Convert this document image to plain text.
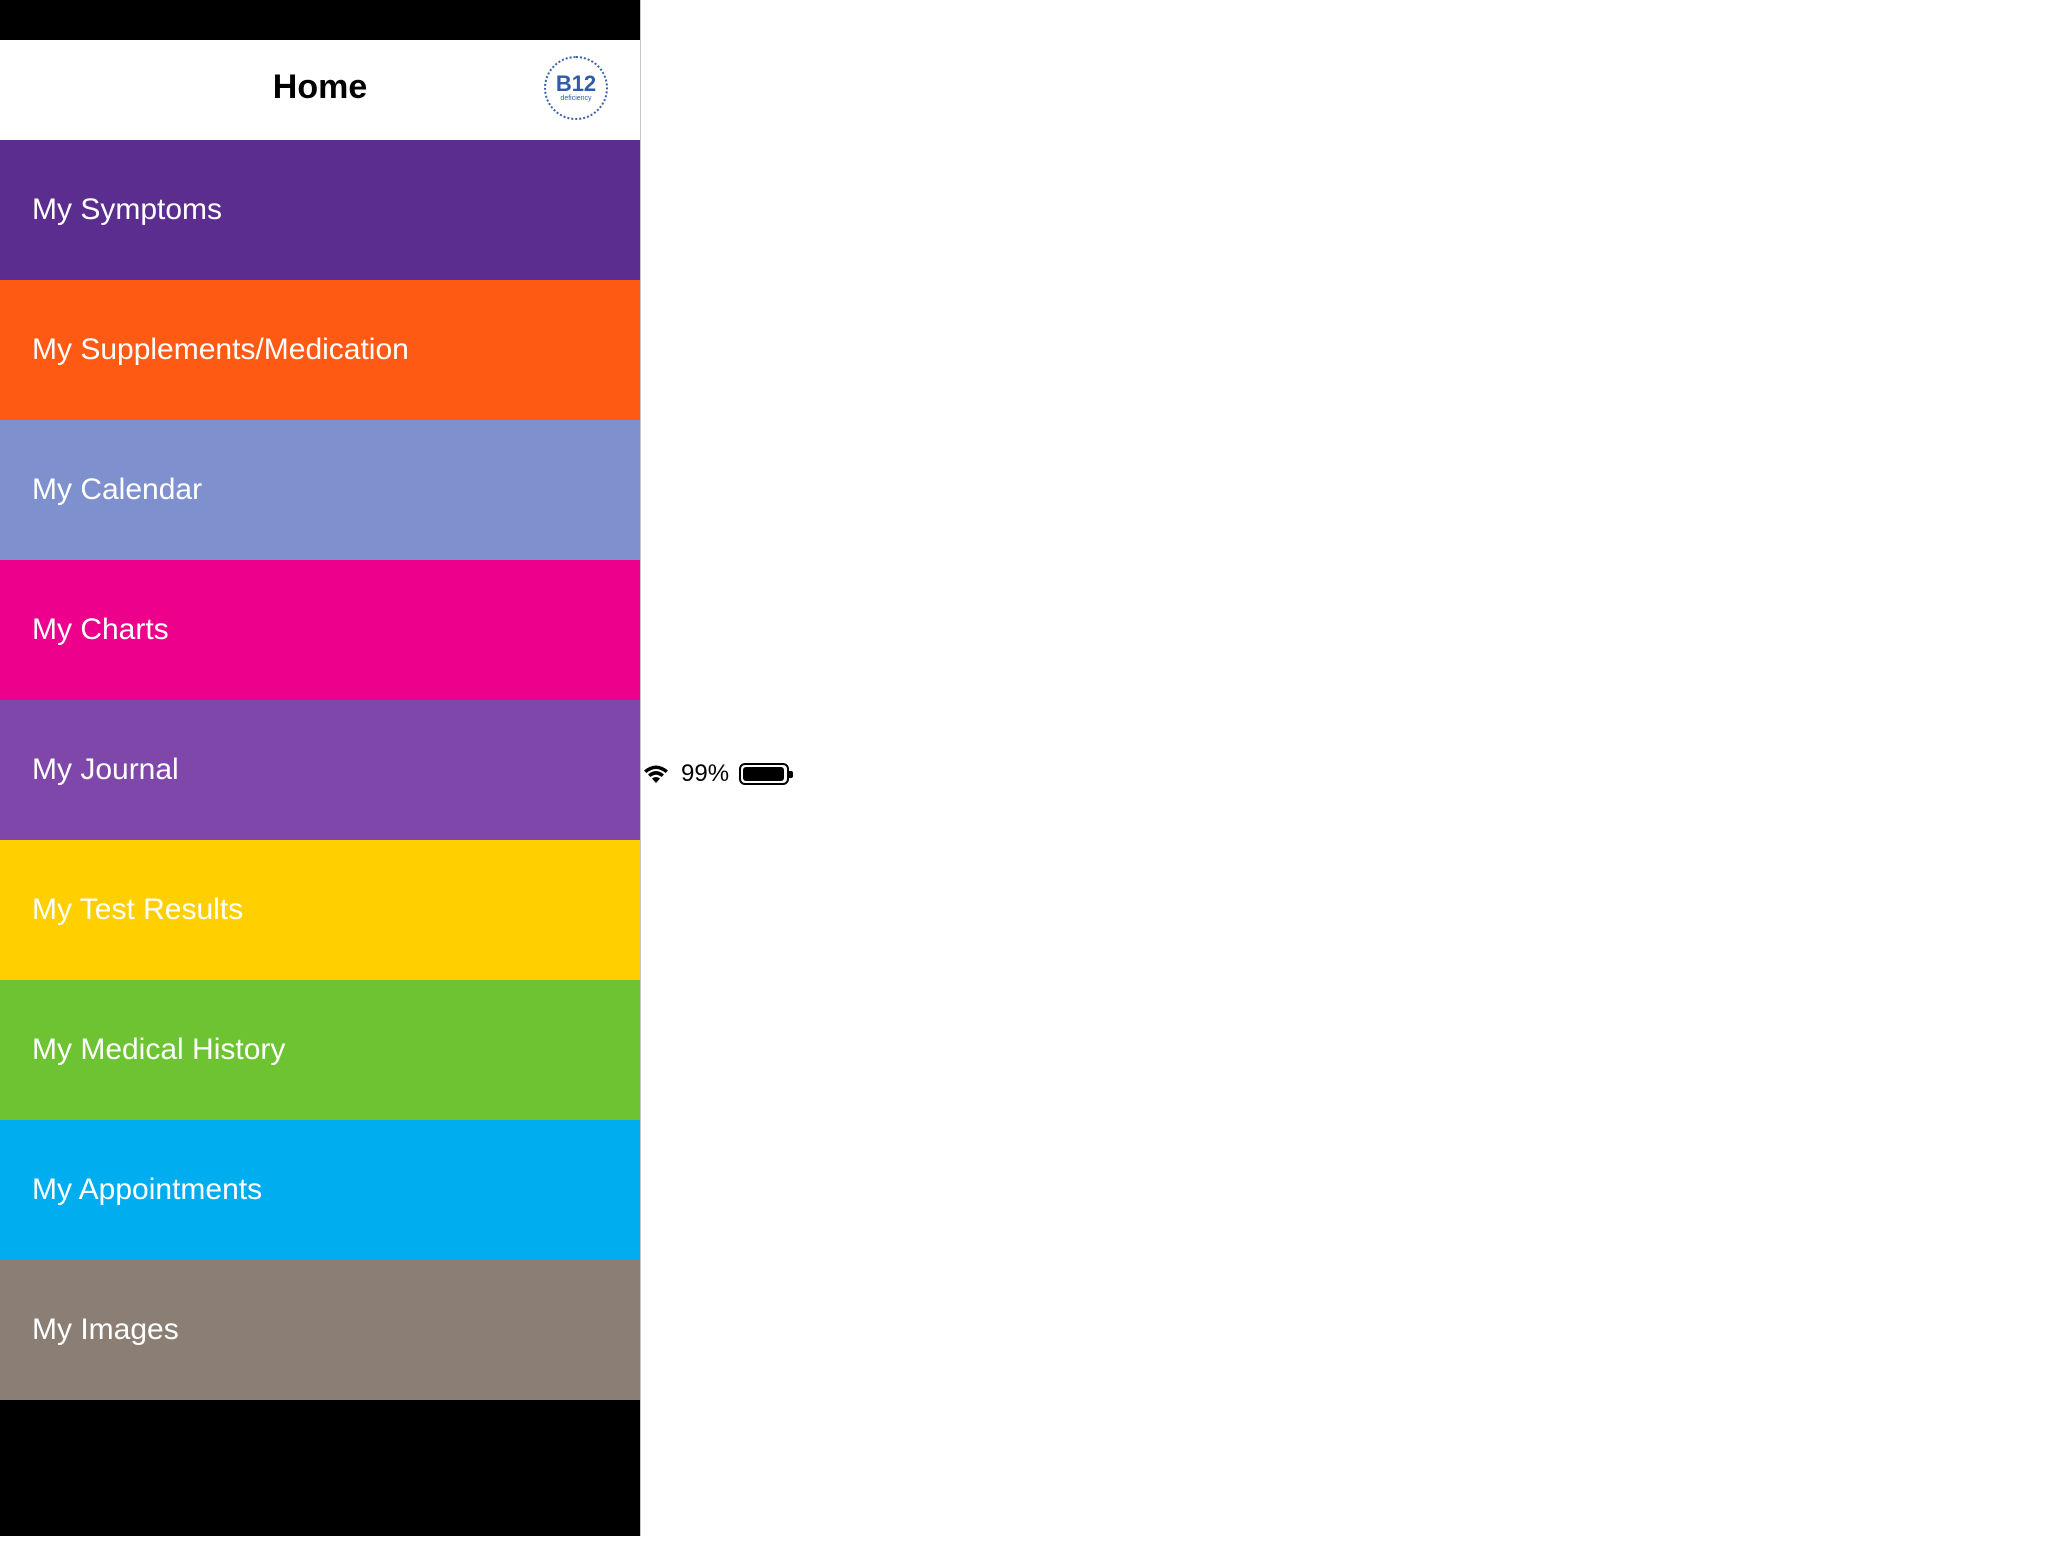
Home	B12
deficiency
My Symptoms
My Supplements/Medication
My Calendar
My Charts
My Journal
My Test Results
My Medical History
My Appointments
My Images
09:56 Fri 14 Dec
99%
